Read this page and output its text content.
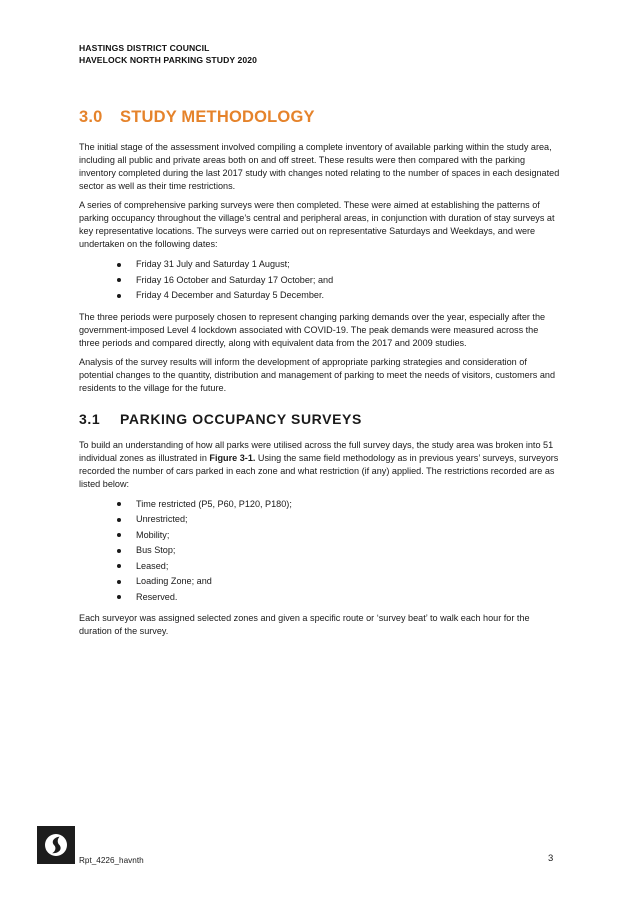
HASTINGS DISTRICT COUNCIL
HAVELOCK NORTH PARKING STUDY 2020
3.0 STUDY METHODOLOGY

The initial stage of the assessment involved compiling a complete inventory of available parking within the study area, including all public and private areas both on and off street. These results were then compared with the parking inventory completed during the last 2017 study with changes noted relating to the number of spaces in each designated sector as well as their time restrictions.

A series of comprehensive parking surveys were then completed. These were aimed at establishing the patterns of parking occupancy throughout the village’s central and peripheral areas, in conjunction with duration of stay surveys at key representative locations. The surveys were carried out on representative Saturdays and Weekdays, and were undertaken on the following dates:

Friday 31 July and Saturday 1 August;
Friday 16 October and Saturday 17 October; and
Friday 4 December and Saturday 5 December.

The three periods were purposely chosen to represent changing parking demands over the year, especially after the government-imposed Level 4 lockdown associated with COVID-19. The peak demands were measured across the three periods and compared directly, along with equivalent data from the 2017 and 2009 studies.

Analysis of the survey results will inform the development of appropriate parking strategies and consideration of potential changes to the quantity, distribution and management of parking to meet the needs of visitors, customers and residents to the village for the future.

3.1 PARKING OCCUPANCY SURVEYS

To build an understanding of how all parks were utilised across the full survey days, the study area was broken into 51 individual zones as illustrated in Figure 3-1. Using the same field methodology as in previous years’ surveys, surveyors recorded the number of cars parked in each zone and what restriction (if any) applied. The restrictions recorded are as listed below:

Time restricted (P5, P60, P120, P180);
Unrestricted;
Mobility;
Bus Stop;
Leased;
Loading Zone; and
Reserved.

Each surveyor was assigned selected zones and given a specific route or ‘survey beat’ to walk each hour for the duration of the survey.

Rpt_4226_havnth	3
